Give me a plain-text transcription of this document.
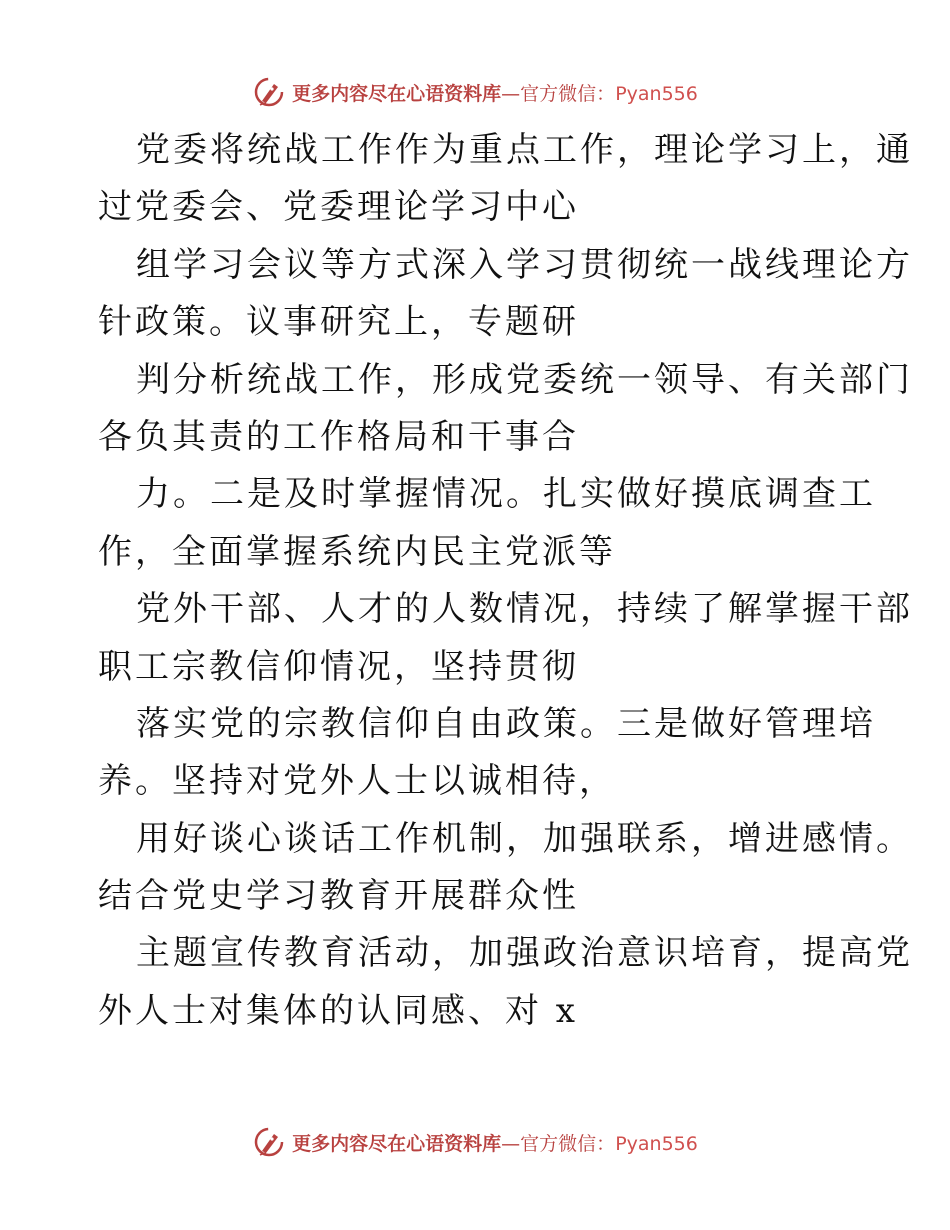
更多内容尽在心语资料库—官方微信：Pyan556
党委将统战工作作为重点工作，理论学习上，通
过党委会、党委理论学习中心
组学习会议等方式深入学习贯彻统一战线理论方
针政策。议事研究上，专题研
判分析统战工作，形成党委统一领导、有关部门
各负其责的工作格局和干事合
力。二是及时掌握情况。扎实做好摸底调查工
作，全面掌握系统内民主党派等
党外干部、人才的人数情况，持续了解掌握干部
职工宗教信仰情况，坚持贯彻
落实党的宗教信仰自由政策。三是做好管理培
养。坚持对党外人士以诚相待，
用好谈心谈话工作机制，加强联系，增进感情。
结合党史学习教育开展群众性
主题宣传教育活动，加强政治意识培育，提高党
外人士对集体的认同感、对 x
更多内容尽在心语资料库—官方微信：Pyan556
